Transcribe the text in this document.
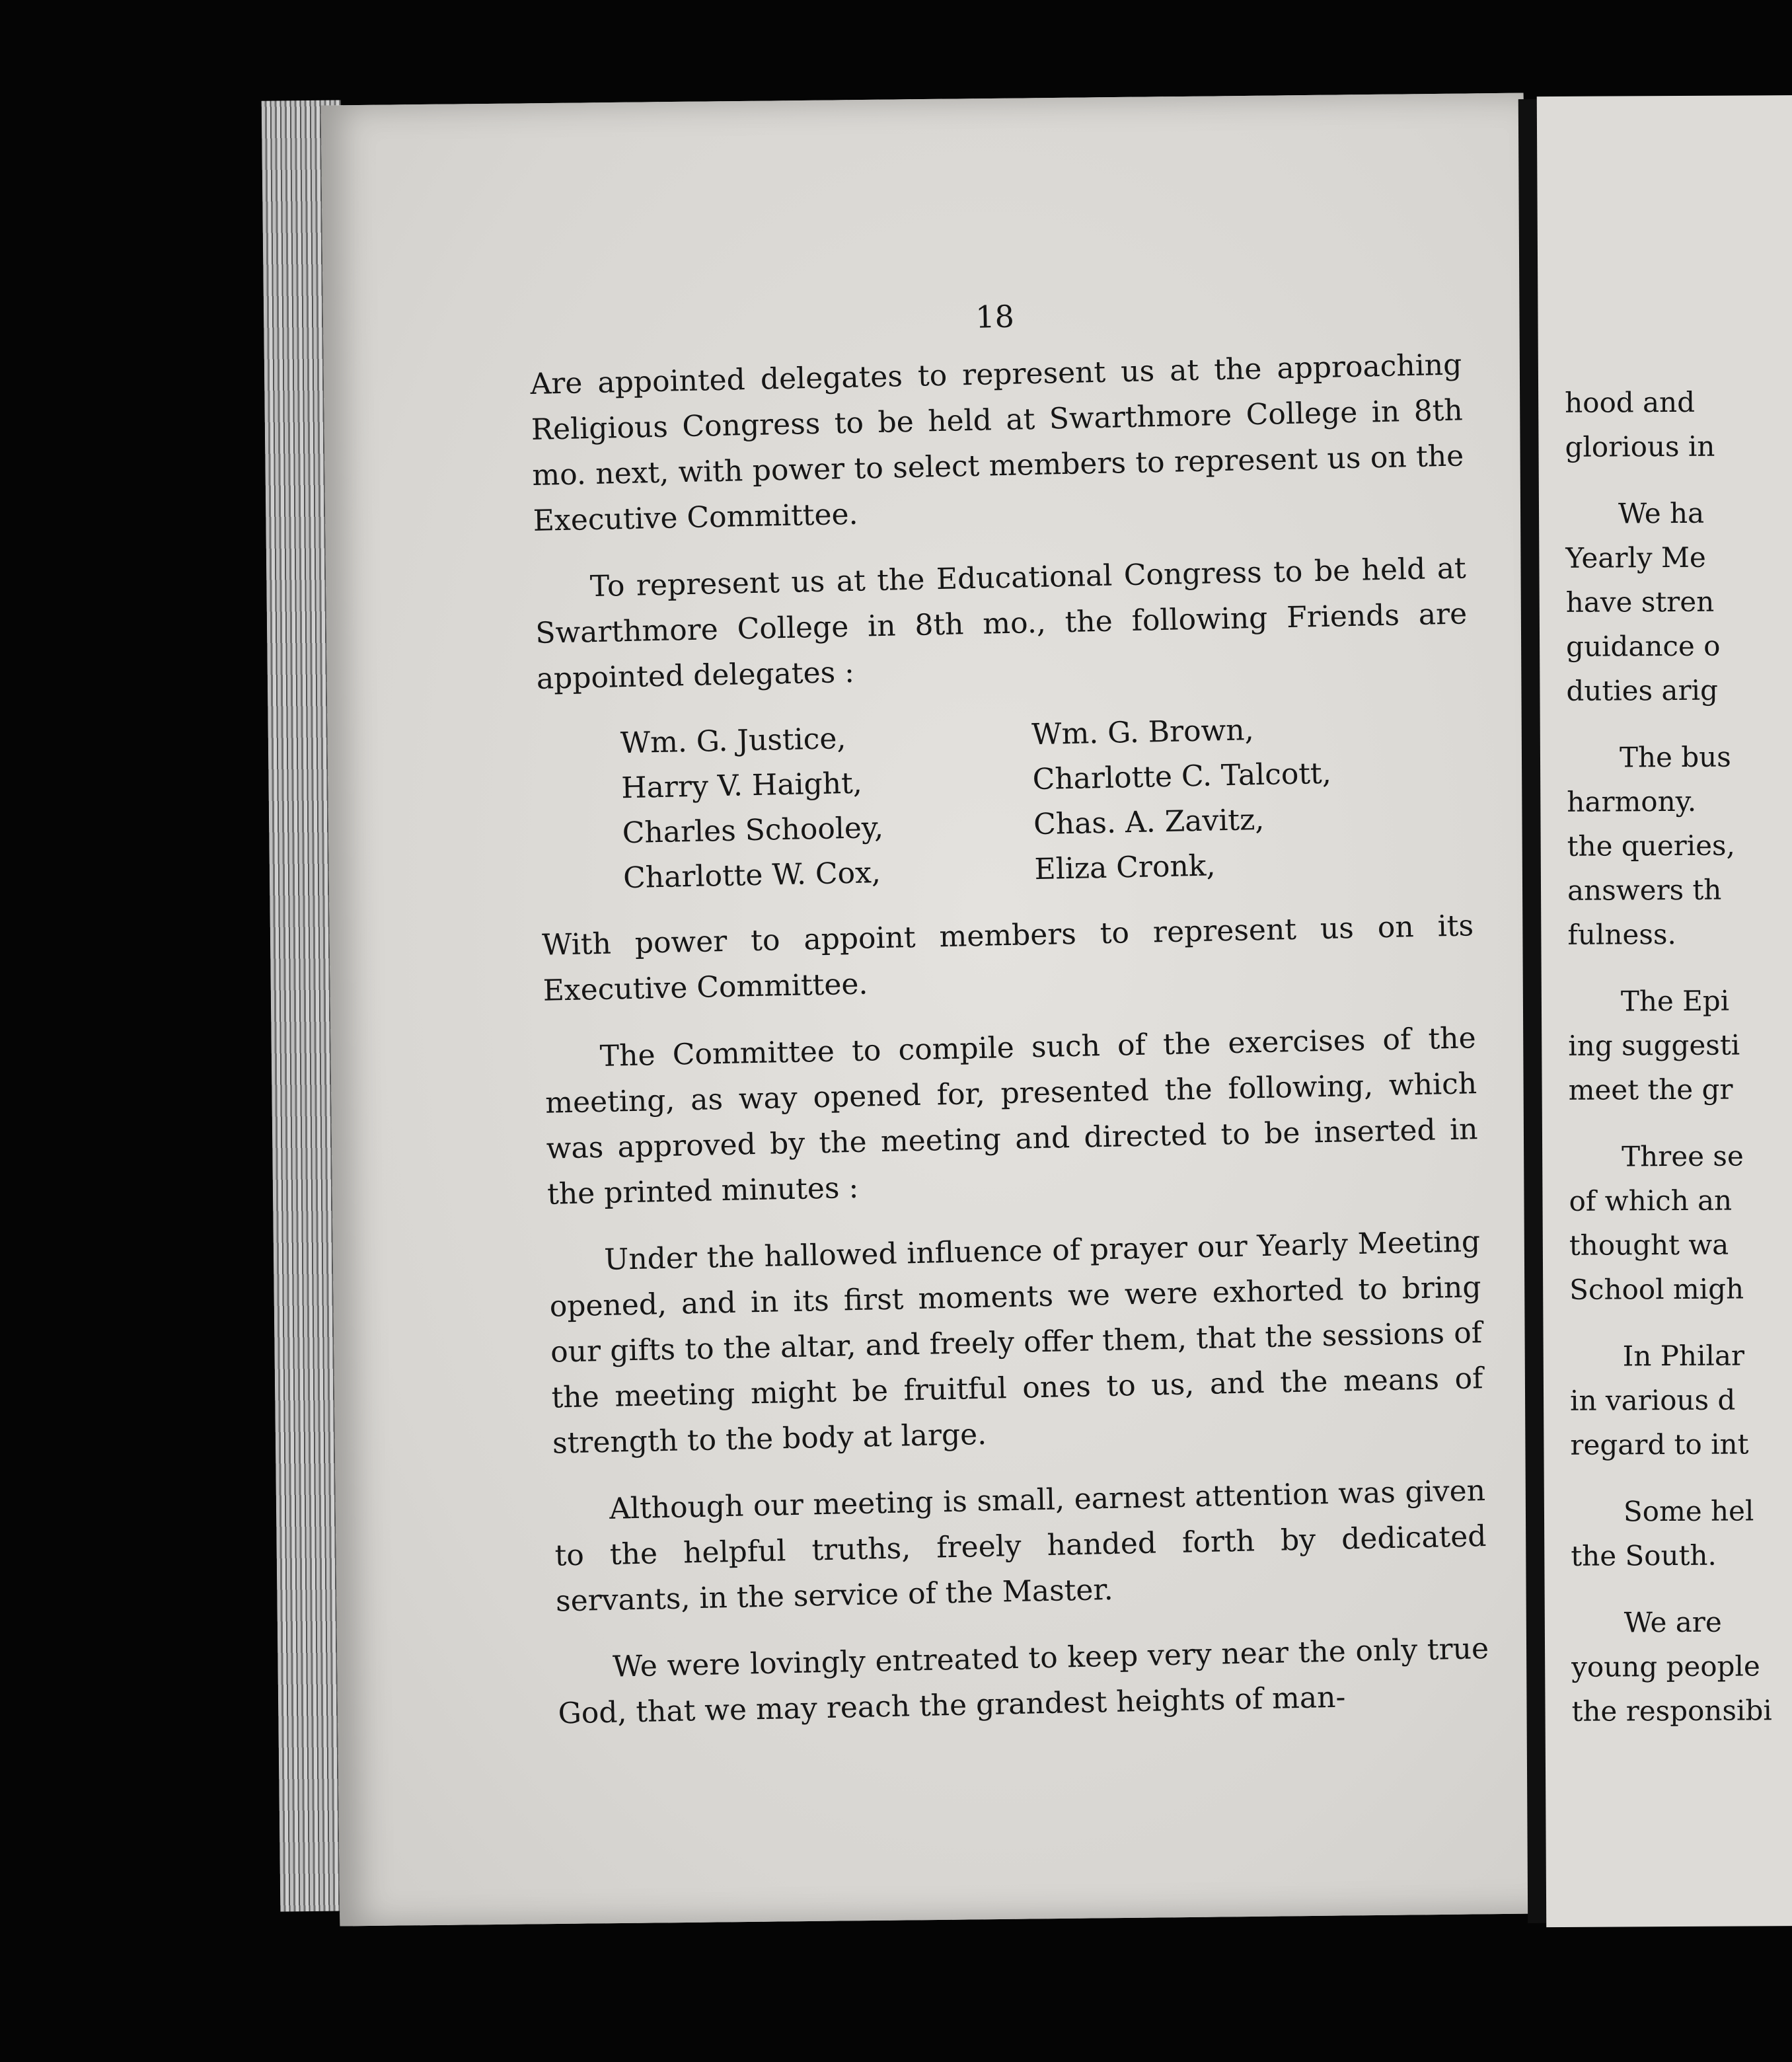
hood and
glorious in
We ha
Yearly Me
have stren
guidance o
duties arig
The bus
harmony.
the queries,
answers th
fulness.
The Epi
ing suggesti
meet the gr
Three se
of which an
thought wa
School migh
In Philar
in various d
regard to int
Some hel
the South.
We are
young people
the responsibi
18

Are appointed delegates to represent us at the approaching Religious Congress to be held at Swarthmore College in 8th mo. next, with power to select members to represent us on the Executive Committee.

To represent us at the Educational Congress to be held at Swarthmore College in 8th mo., the following Friends are appointed delegates :

Wm. G. Justice,
Harry V. Haight,
Charles Schooley,
Charlotte W. Cox,
Wm. G. Brown,
Charlotte C. Talcott,
Chas. A. Zavitz,
Eliza Cronk,

With power to appoint members to represent us on its Executive Committee.

The Committee to compile such of the exercises of the meeting, as way opened for, presented the following, which was approved by the meeting and directed to be inserted in the printed minutes :

Under the hallowed influence of prayer our Yearly Meeting opened, and in its first moments we were exhorted to bring our gifts to the altar, and freely offer them, that the sessions of the meeting might be fruitful ones to us, and the means of strength to the body at large.

Although our meeting is small, earnest attention was given to the helpful truths, freely handed forth by dedicated servants, in the service of the Master.

We were lovingly entreated to keep very near the only true God, that we may reach the grandest heights of man-
